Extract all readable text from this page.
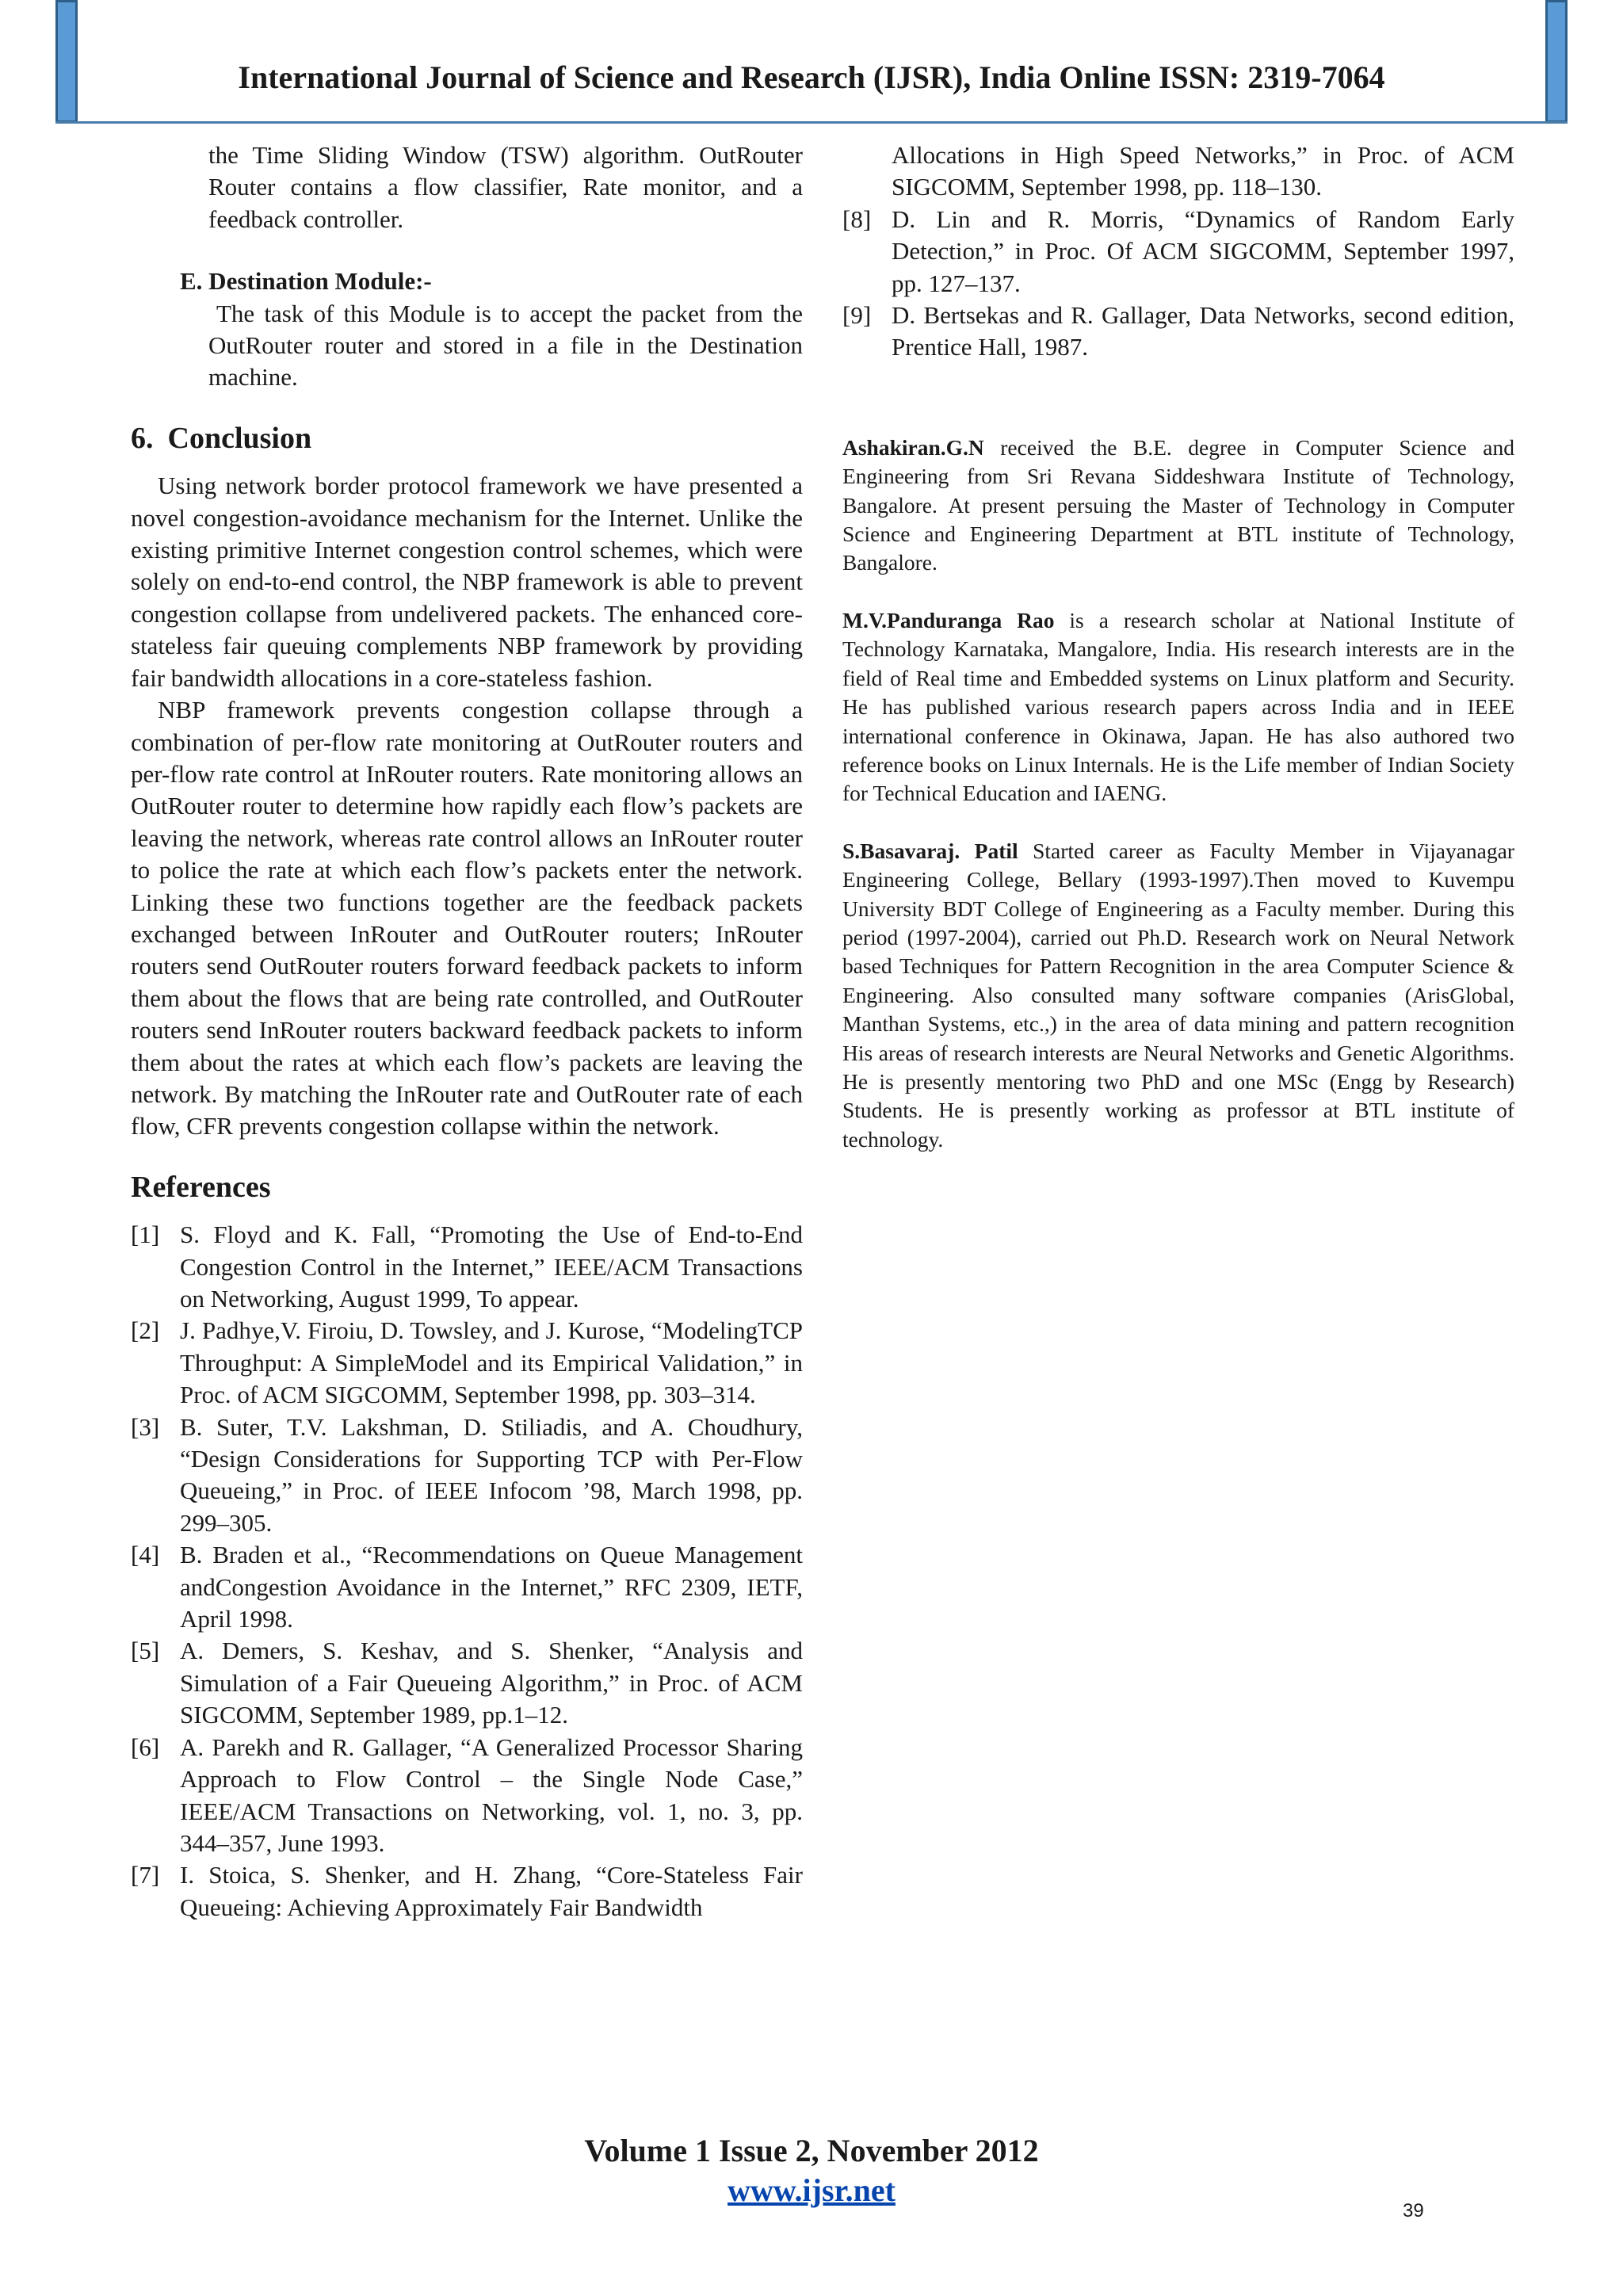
International Journal of Science and Research (IJSR), India Online ISSN: 2319-7064

the Time Sliding Window (TSW) algorithm. OutRouter Router contains a flow classifier, Rate monitor, and a feedback controller.

E. Destination Module:-

The task of this Module is to accept the packet from the OutRouter router and stored in a file in the Destination machine.

6. Conclusion

Using network border protocol framework we have presented a novel congestion-avoidance mechanism for the Internet. Unlike the existing primitive Internet congestion control schemes, which were solely on end-to-end control, the NBP framework is able to prevent congestion collapse from undelivered packets. The enhanced core-stateless fair queuing complements NBP framework by providing fair bandwidth allocations in a core-stateless fashion.

NBP framework prevents congestion collapse through a combination of per-flow rate monitoring at OutRouter routers and per-flow rate control at InRouter routers. Rate monitoring allows an OutRouter router to determine how rapidly each flow’s packets are leaving the network, whereas rate control allows an InRouter router to police the rate at which each flow’s packets enter the network. Linking these two functions together are the feedback packets exchanged between InRouter and OutRouter routers; InRouter routers send OutRouter routers forward feedback packets to inform them about the flows that are being rate controlled, and OutRouter routers send InRouter routers backward feedback packets to inform them about the rates at which each flow’s packets are leaving the network. By matching the InRouter rate and OutRouter rate of each flow, CFR prevents congestion collapse within the network.

References
[1] S. Floyd and K. Fall, “Promoting the Use of End-to-End Congestion Control in the Internet,” IEEE/ACM Transactions on Networking, August 1999, To appear.
[2] J. Padhye,V. Firoiu, D. Towsley, and J. Kurose, “ModelingTCP Throughput: A SimpleModel and its Empirical Validation,” in Proc. of ACM SIGCOMM, September 1998, pp. 303–314.
[3] B. Suter, T.V. Lakshman, D. Stiliadis, and A. Choudhury, “Design Considerations for Supporting TCP with Per-Flow Queueing,” in Proc. of IEEE Infocom ’98, March 1998, pp. 299–305.
[4] B. Braden et al., “Recommendations on Queue Management andCongestion Avoidance in the Internet,” RFC 2309, IETF, April 1998.
[5] A. Demers, S. Keshav, and S. Shenker, “Analysis and Simulation of a Fair Queueing Algorithm,” in Proc. of ACM SIGCOMM, September 1989, pp.1–12.
[6] A. Parekh and R. Gallager, “A Generalized Processor Sharing Approach to Flow Control – the Single Node Case,” IEEE/ACM Transactions on Networking, vol. 1, no. 3, pp. 344–357, June 1993.
[7] I. Stoica, S. Shenker, and H. Zhang, “Core-Stateless Fair Queueing: Achieving Approximately Fair Bandwidth
Allocations in High Speed Networks,” in Proc. of ACM SIGCOMM, September 1998, pp. 118–130.
[8] D. Lin and R. Morris, “Dynamics of Random Early Detection,” in Proc. Of ACM SIGCOMM, September 1997, pp. 127–137.
[9] D. Bertsekas and R. Gallager, Data Networks, second edition, Prentice Hall, 1987.

Ashakiran.G.N received the B.E. degree in Computer Science and Engineering from Sri Revana Siddeshwara Institute of Technology, Bangalore. At present persuing the Master of Technology in Computer Science and Engineering Department at BTL institute of Technology, Bangalore.

M.V.Panduranga Rao is a research scholar at National Institute of Technology Karnataka, Mangalore, India. His research interests are in the field of Real time and Embedded systems on Linux platform and Security. He has published various research papers across India and in IEEE international conference in Okinawa, Japan. He has also authored two reference books on Linux Internals. He is the Life member of Indian Society for Technical Education and IAENG.

S.Basavaraj. Patil Started career as Faculty Member in Vijayanagar Engineering College, Bellary (1993-1997).Then moved to Kuvempu University BDT College of Engineering as a Faculty member. During this period (1997-2004), carried out Ph.D. Research work on Neural Network based Techniques for Pattern Recognition in the area Computer Science & Engineering. Also consulted many software companies (ArisGlobal, Manthan Systems, etc.,) in the area of data mining and pattern recognition His areas of research interests are Neural Networks and Genetic Algorithms. He is presently mentoring two PhD and one MSc (Engg by Research) Students. He is presently working as professor at BTL institute of technology.

Volume 1 Issue 2, November 2012
www.ijsr.net
39
